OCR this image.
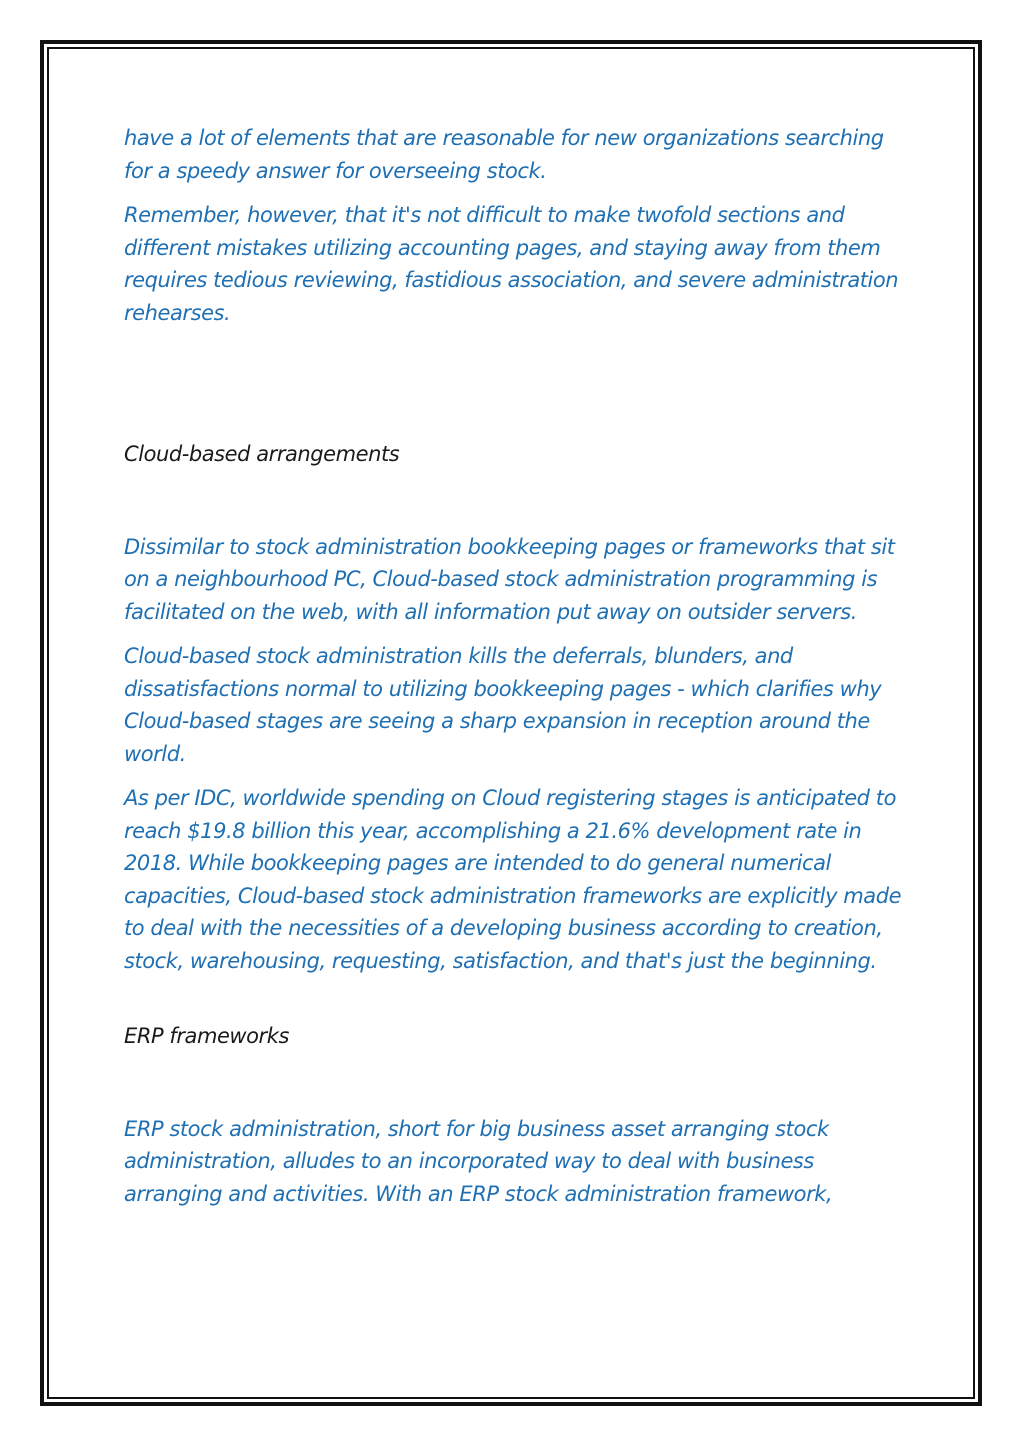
have a lot of elements that are reasonable for new organizations searching for a speedy answer for overseeing stock.

Remember, however, that it's not difficult to make twofold sections and different mistakes utilizing accounting pages, and staying away from them requires tedious reviewing, fastidious association, and severe administration rehearses.

Cloud-based arrangements

Dissimilar to stock administration bookkeeping pages or frameworks that sit on a neighbourhood PC, Cloud-based stock administration programming is facilitated on the web, with all information put away on outsider servers.

Cloud-based stock administration kills the deferrals, blunders, and dissatisfactions normal to utilizing bookkeeping pages - which clarifies why Cloud-based stages are seeing a sharp expansion in reception around the world.

As per IDC, worldwide spending on Cloud registering stages is anticipated to reach $19.8 billion this year, accomplishing a 21.6% development rate in 2018. While bookkeeping pages are intended to do general numerical capacities, Cloud-based stock administration frameworks are explicitly made to deal with the necessities of a developing business according to creation, stock, warehousing, requesting, satisfaction, and that's just the beginning.

ERP frameworks

ERP stock administration, short for big business asset arranging stock administration, alludes to an incorporated way to deal with business arranging and activities. With an ERP stock administration framework,
